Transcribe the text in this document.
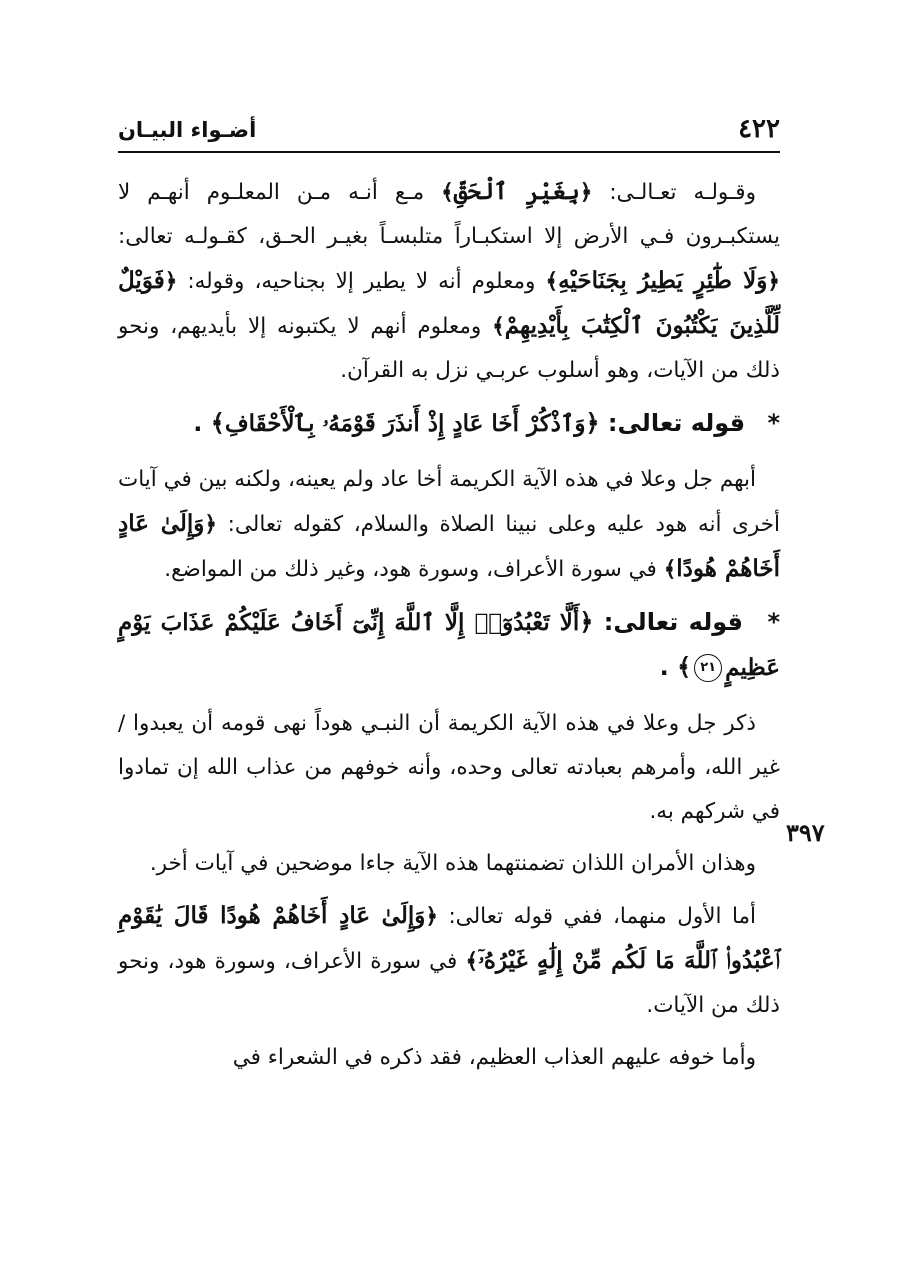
٤٢٢
أضـواء البيـان
٣٩٧

وقـولـه تعـالـى: ﴿بِغَيْرِ ٱلْحَقِّ﴾ مـع أنـه مـن المعلـوم أنهـم لا يستكبـرون فـي الأرض إلا استكبـاراً متلبسـاً بغيـر الحـق، كقـولـه تعالى: ﴿وَلَا طَٰٓئِرٍ يَطِيرُ بِجَنَاحَيْهِ﴾ ومعلوم أنه لا يطير إلا بجناحيه، وقوله: ﴿فَوَيْلٌ لِّلَّذِينَ يَكْتُبُونَ ٱلْكِتَٰبَ بِأَيْدِيهِمْ﴾ ومعلوم أنهم لا يكتبونه إلا بأيديهم، ونحو ذلك من الآيات، وهو أسلوب عربـي نزل به القرآن.

* قوله تعالى: ﴿وَٱذْكُرْ أَخَا عَادٍ إِذْ أَنذَرَ قَوْمَهُۥ بِٱلْأَحْقَافِ﴾ .

أبهم جل وعلا في هذه الآية الكريمة أخا عاد ولم يعينه، ولكنه بين في آيات أخرى أنه هود عليه وعلى نبينا الصلاة والسلام، كقوله تعالى: ﴿وَإِلَىٰ عَادٍ أَخَاهُمْ هُودًا﴾ في سورة الأعراف، وسورة هود، وغير ذلك من المواضع.

* قوله تعالى: ﴿أَلَّا تَعْبُدُوٓا۟ إِلَّا ٱللَّهَ إِنِّىٓ أَخَافُ عَلَيْكُمْ عَذَابَ يَوْمٍ عَظِيمٍ٢١﴾ .

ذكر جل وعلا في هذه الآية الكريمة أن النبـي هوداً نهى قومه أن يعبدوا /غير الله، وأمرهم بعبادته تعالى وحده، وأنه خوفهم من عذاب الله إن تمادوا في شركهم به.

وهذان الأمران اللذان تضمنتهما هذه الآية جاءا موضحين في آيات أخر.

أما الأول منهما، ففي قوله تعالى: ﴿وَإِلَىٰ عَادٍ أَخَاهُمْ هُودًا قَالَ يَٰقَوْمِ ٱعْبُدُوا۟ ٱللَّهَ مَا لَكُم مِّنْ إِلَٰهٍ غَيْرُهُۥٓ﴾ في سورة الأعراف، وسورة هود، ونحو ذلك من الآيات.

وأما خوفه عليهم العذاب العظيم، فقد ذكره في الشعراء في
